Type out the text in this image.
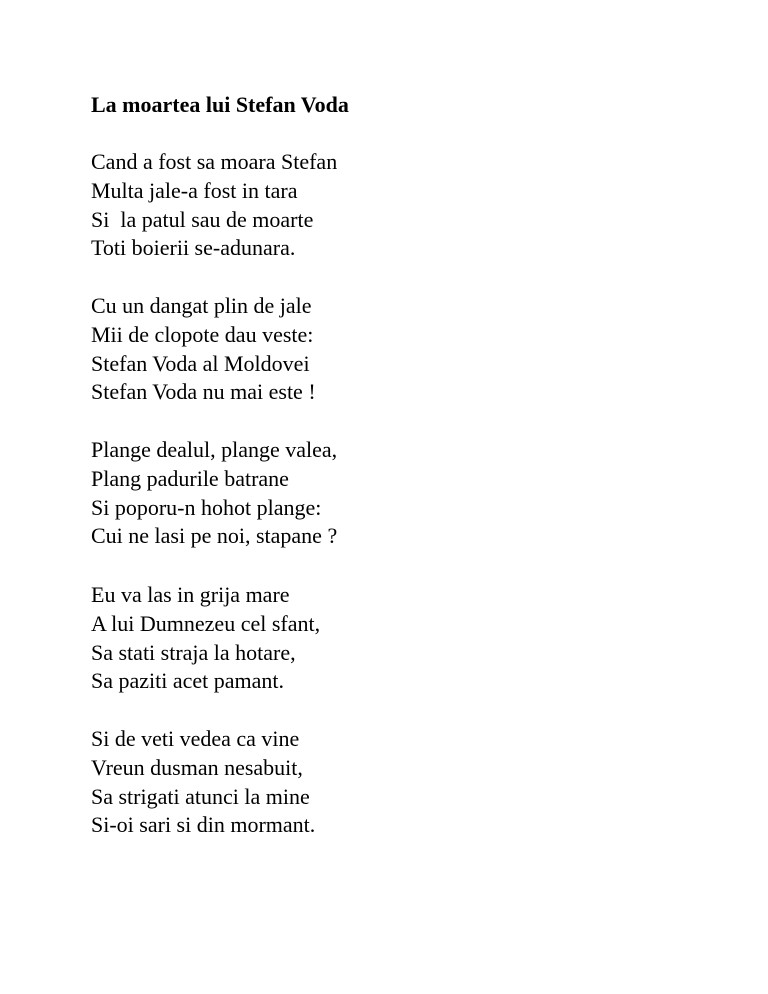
La moartea lui Stefan Voda
Cand a fost sa moara Stefan
Multa jale-a fost in tara
Si  la patul sau de moarte
Toti boierii se-adunara.
Cu un dangat plin de jale
Mii de clopote dau veste:
Stefan Voda al Moldovei
Stefan Voda nu mai este !
Plange dealul, plange valea,
Plang padurile batrane
Si poporu-n hohot plange:
Cui ne lasi pe noi, stapane ?
Eu va las in grija mare
A lui Dumnezeu cel sfant,
Sa stati straja la hotare,
Sa paziti acet pamant.
Si de veti vedea ca vine
Vreun dusman nesabuit,
Sa strigati atunci la mine
Si-oi sari si din mormant.
